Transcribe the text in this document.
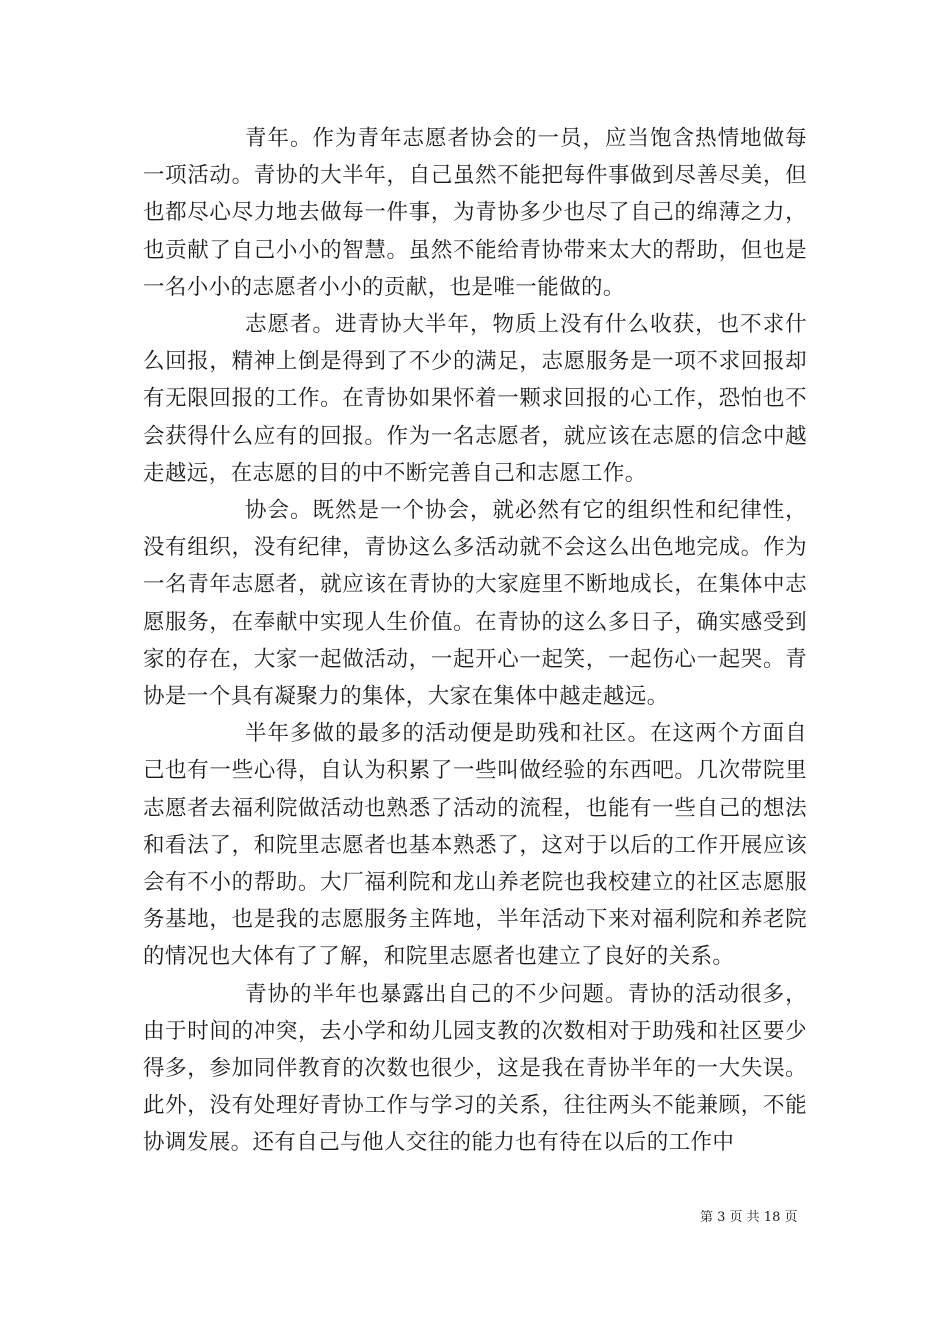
青年。作为青年志愿者协会的一员，应当饱含热情地做每一项活动。青协的大半年，自己虽然不能把每件事做到尽善尽美，但也都尽心尽力地去做每一件事，为青协多少也尽了自己的绵薄之力，也贡献了自己小小的智慧。虽然不能给青协带来太大的帮助，但也是一名小小的志愿者小小的贡献，也是唯一能做的。

志愿者。进青协大半年，物质上没有什么收获，也不求什么回报，精神上倒是得到了不少的满足，志愿服务是一项不求回报却有无限回报的工作。在青协如果怀着一颗求回报的心工作，恐怕也不会获得什么应有的回报。作为一名志愿者，就应该在志愿的信念中越走越远，在志愿的目的中不断完善自己和志愿工作。

协会。既然是一个协会，就必然有它的组织性和纪律性，没有组织，没有纪律，青协这么多活动就不会这么出色地完成。作为一名青年志愿者，就应该在青协的大家庭里不断地成长，在集体中志愿服务，在奉献中实现人生价值。在青协的这么多日子，确实感受到家的存在，大家一起做活动，一起开心一起笑，一起伤心一起哭。青协是一个具有凝聚力的集体，大家在集体中越走越远。

半年多做的最多的活动便是助残和社区。在这两个方面自己也有一些心得，自认为积累了一些叫做经验的东西吧。几次带院里志愿者去福利院做活动也熟悉了活动的流程，也能有一些自己的想法和看法了，和院里志愿者也基本熟悉了，这对于以后的工作开展应该会有不小的帮助。大厂福利院和龙山养老院也我校建立的社区志愿服务基地，也是我的志愿服务主阵地，半年活动下来对福利院和养老院的情况也大体有了了解，和院里志愿者也建立了良好的关系。

青协的半年也暴露出自己的不少问题。青协的活动很多，由于时间的冲突，去小学和幼儿园支教的次数相对于助残和社区要少得多，参加同伴教育的次数也很少，这是我在青协半年的一大失误。此外，没有处理好青协工作与学习的关系，往往两头不能兼顾，不能协调发展。还有自己与他人交往的能力也有待在以后的工作中

第 3 页 共 18 页
